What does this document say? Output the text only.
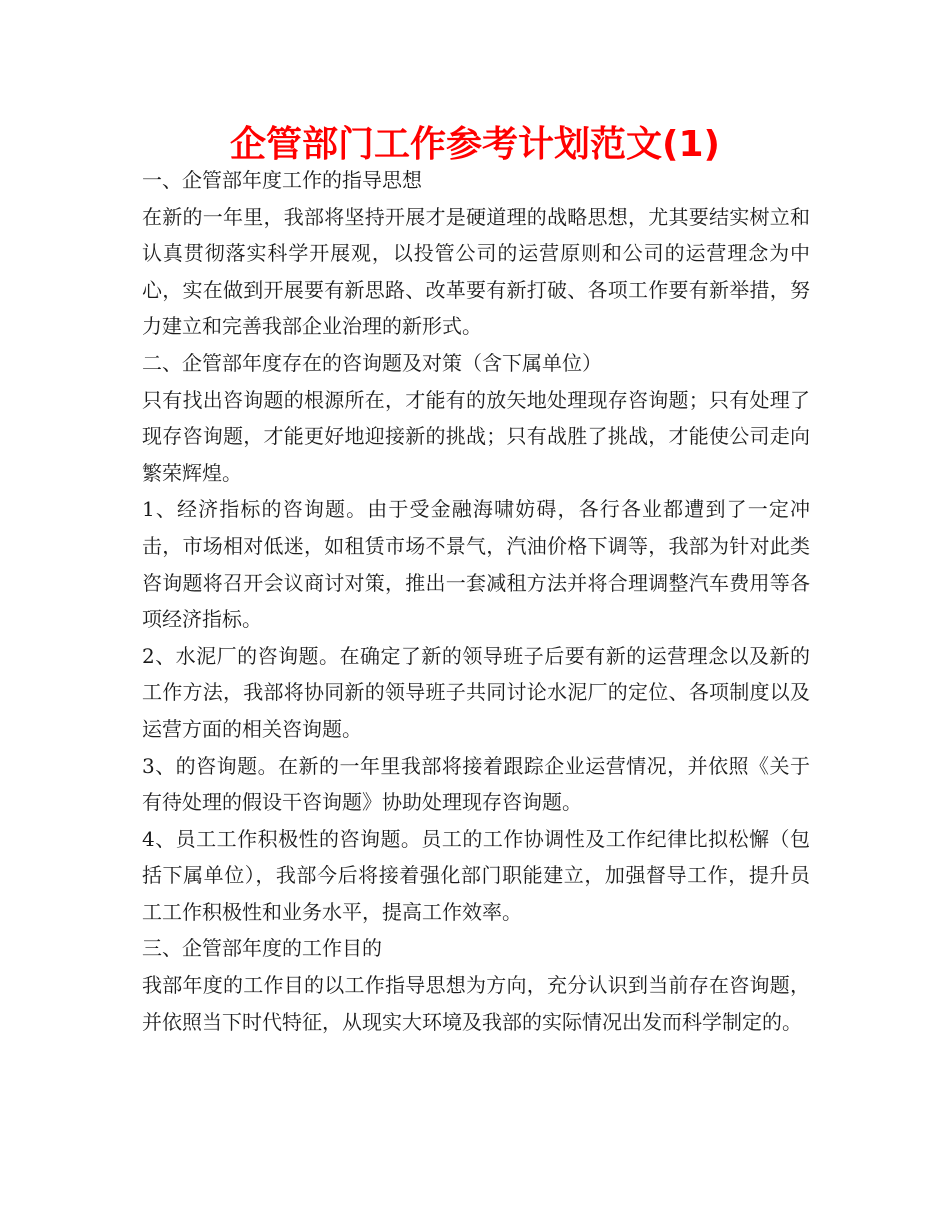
企管部门工作参考计划范文(1)

一、企管部年度工作的指导思想

在新的一年里，我部将坚持开展才是硬道理的战略思想，尤其要结实树立和认真贯彻落实科学开展观，以投管公司的运营原则和公司的运营理念为中心，实在做到开展要有新思路、改革要有新打破、各项工作要有新举措，努力建立和完善我部企业治理的新形式。

二、企管部年度存在的咨询题及对策（含下属单位）

只有找出咨询题的根源所在，才能有的放矢地处理现存咨询题；只有处理了现存咨询题，才能更好地迎接新的挑战；只有战胜了挑战，才能使公司走向繁荣辉煌。

1、经济指标的咨询题。由于受金融海啸妨碍，各行各业都遭到了一定冲击，市场相对低迷，如租赁市场不景气，汽油价格下调等，我部为针对此类咨询题将召开会议商讨对策，推出一套减租方法并将合理调整汽车费用等各项经济指标。

2、水泥厂的咨询题。在确定了新的领导班子后要有新的运营理念以及新的工作方法，我部将协同新的领导班子共同讨论水泥厂的定位、各项制度以及运营方面的相关咨询题。

3、的咨询题。在新的一年里我部将接着跟踪企业运营情况，并依照《关于有待处理的假设干咨询题》协助处理现存咨询题。

4、员工工作积极性的咨询题。员工的工作协调性及工作纪律比拟松懈（包括下属单位），我部今后将接着强化部门职能建立，加强督导工作，提升员工工作积极性和业务水平，提高工作效率。

三、企管部年度的工作目的

我部年度的工作目的以工作指导思想为方向，充分认识到当前存在咨询题，并依照当下时代特征，从现实大环境及我部的实际情况出发而科学制定的。
